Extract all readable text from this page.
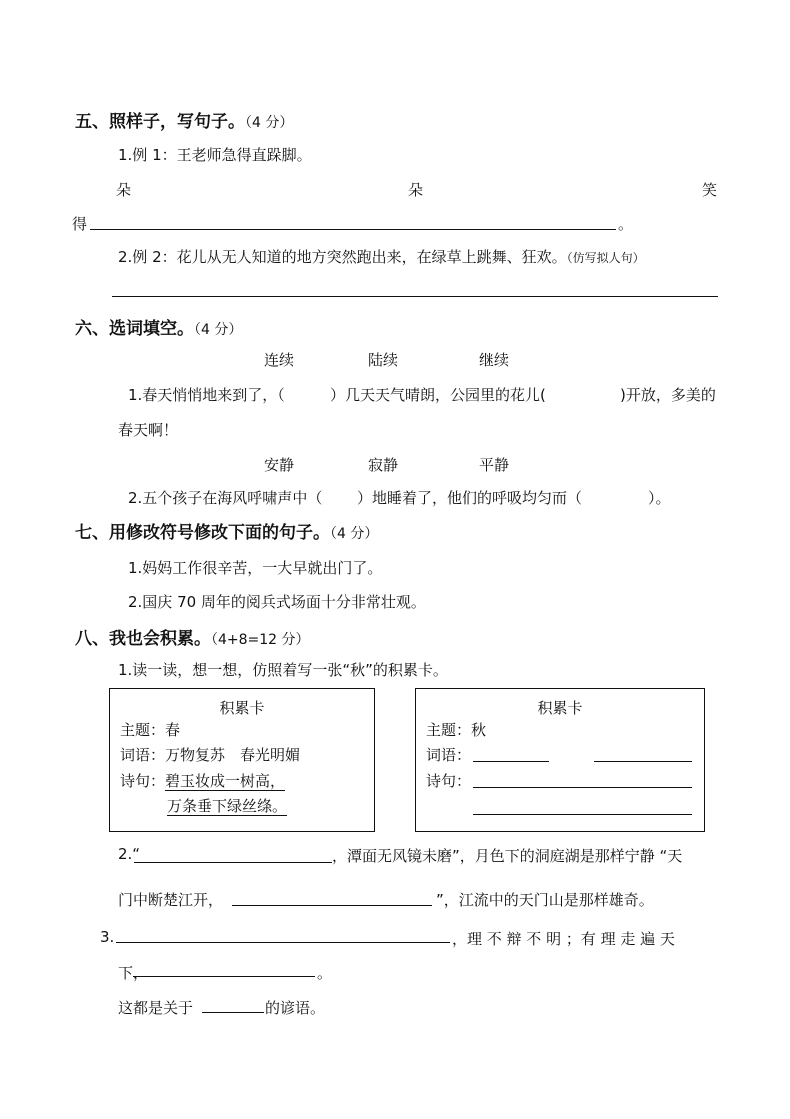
五、照样子，写句子。（4 分）
1.例 1：王老师急得直跺脚。
朵	朵	笑
得	。
2.例 2：花儿从无人知道的地方突然跑出来，在绿草上跳舞、狂欢。（仿写拟人句）
六、选词填空。（4 分）
连续	陆续	继续
1.春天悄悄地来到了，（	）几天天气晴朗，公园里的花儿(	)开放，多美的
春天啊！
安静	寂静	平静
2.五个孩子在海风呼啸声中（ ）地睡着了，他们的呼吸均匀而（	）。
七、用修改符号修改下面的句子。（4 分）
1.妈妈工作很辛苦，一大早就出门了。
2.国庆 70 周年的阅兵式场面十分非常壮观。
八、我也会积累。（4+8=12 分）
1.读一读，想一想，仿照着写一张“秋”的积累卡。
积累卡
主题：春
词语：万物复苏　春光明媚
诗句：碧玉妆成一树高，
万条垂下绿丝绦。
积累卡
主题：秋
词语：
诗句：
2.“	，潭面无风镜未磨”，月色下的洞庭湖是那样宁静 “天
门中断楚江开，	”，江流中的天门山是那样雄奇。
3.	，理 不 辩 不 明 ；有 理 走 遍 天
下，	。
这都是关于	的谚语。
